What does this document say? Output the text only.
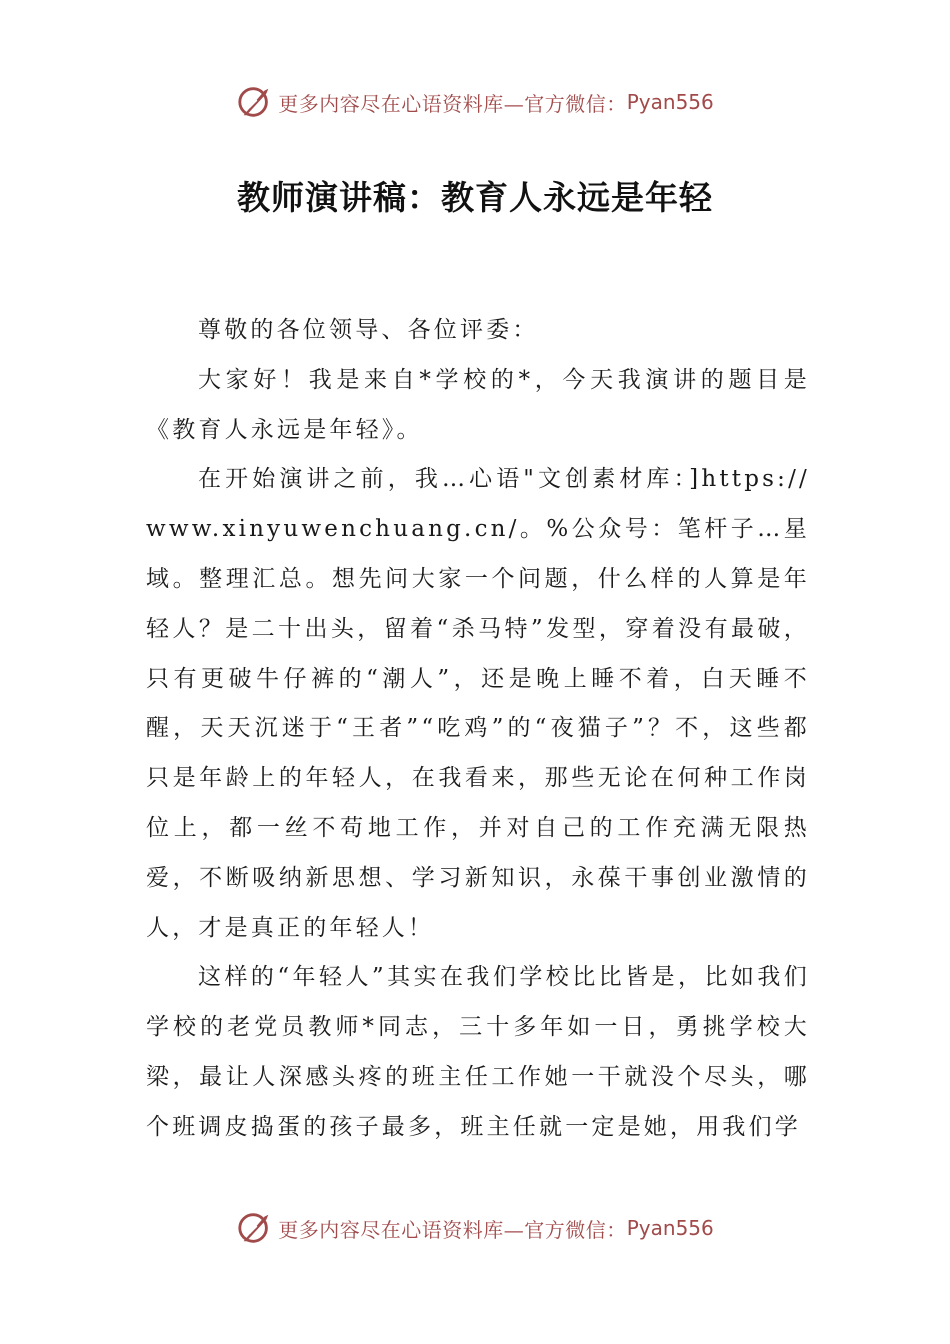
更多内容尽在心语资料库—官方微信： Pyan556
教师演讲稿：教育人永远是年轻

尊敬的各位领导、各位评委：

大家好！我是来自*学校的*，今天我演讲的题目是《教育人永远是年轻》。

在开始演讲之前，我…心语"文创素材库：]https://www.xinyuwenchuang.cn/。%公众号：笔杆子…星域。整理汇总。想先问大家一个问题，什么样的人算是年轻人？是二十出头，留着“杀马特”发型，穿着没有最破，只有更破牛仔裤的“潮人”，还是晚上睡不着，白天睡不醒，天天沉迷于“王者”“吃鸡”的“夜猫子”？不，这些都只是年龄上的年轻人，在我看来，那些无论在何种工作岗位上，都一丝不苟地工作，并对自己的工作充满无限热爱，不断吸纳新思想、学习新知识，永葆干事创业激情的人，才是真正的年轻人！

这样的“年轻人”其实在我们学校比比皆是，比如我们学校的老党员教师*同志，三十多年如一日，勇挑学校大梁，最让人深感头疼的班主任工作她一干就没个尽头，哪个班调皮捣蛋的孩子最多，班主任就一定是她，用我们学

更多内容尽在心语资料库—官方微信： Pyan556
